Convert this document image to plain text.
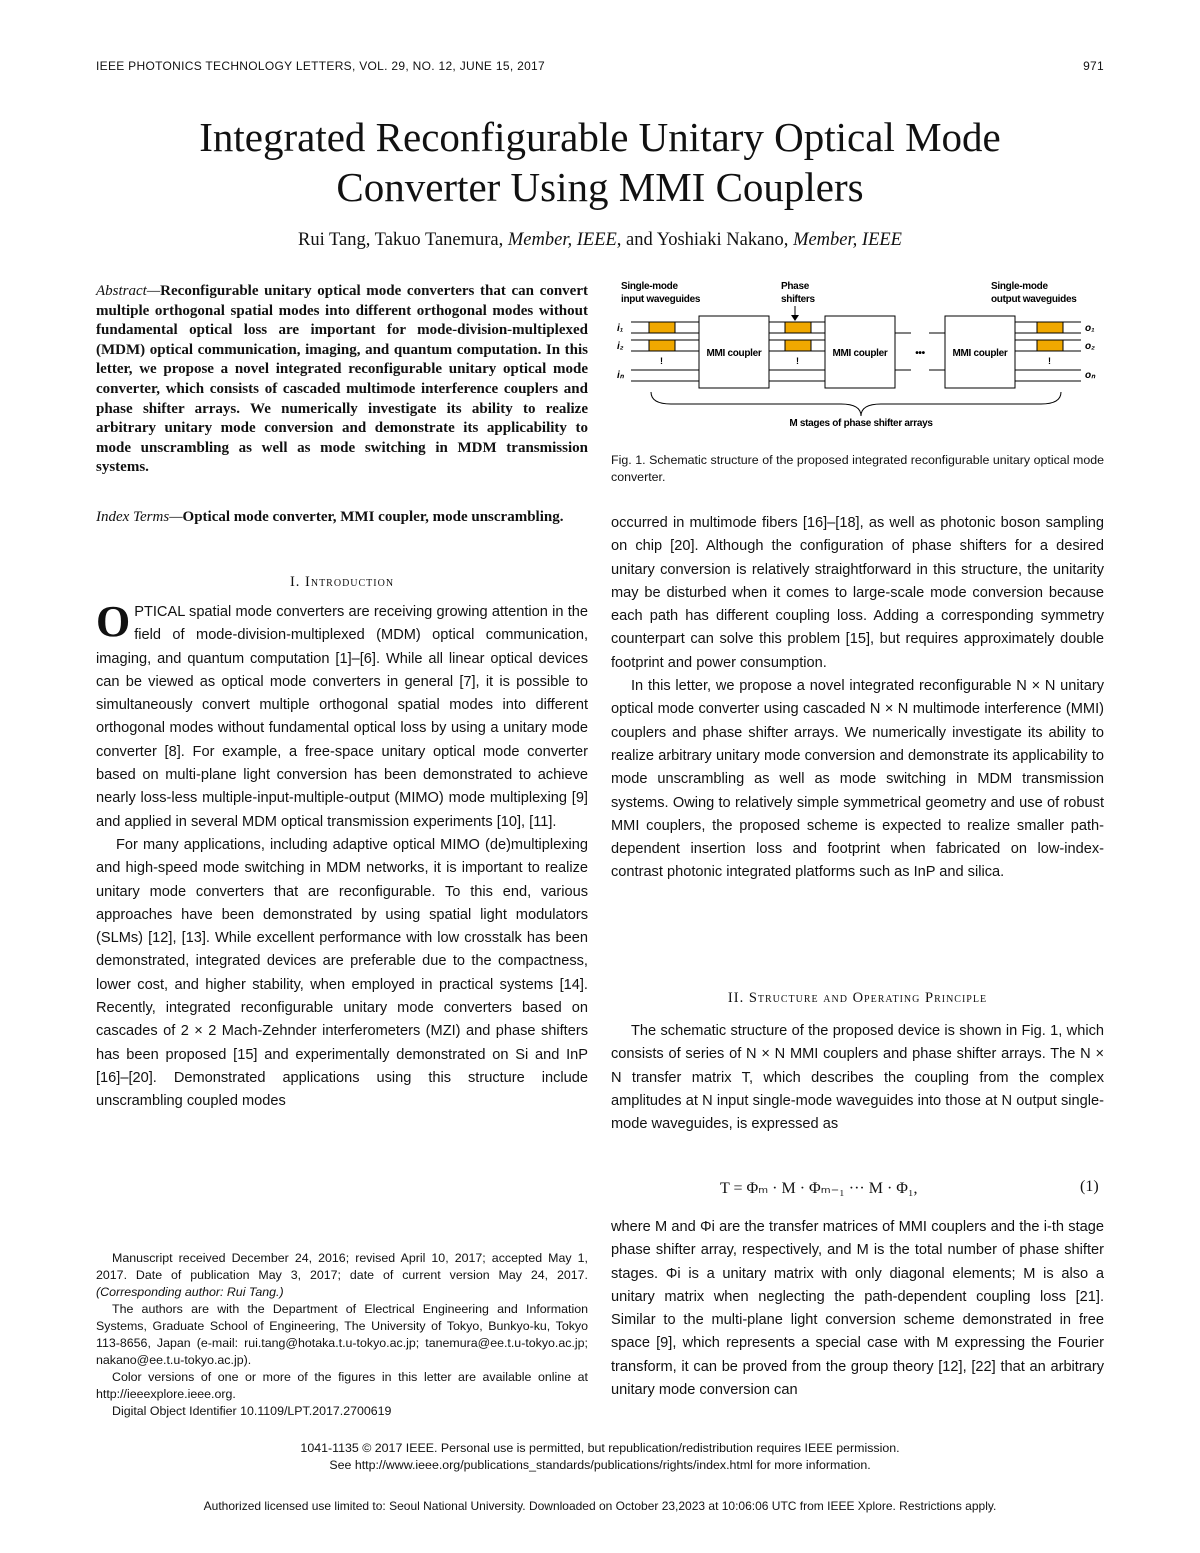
IEEE PHOTONICS TECHNOLOGY LETTERS, VOL. 29, NO. 12, JUNE 15, 2017	971
Integrated Reconfigurable Unitary Optical Mode
Converter Using MMI Couplers
Rui Tang, Takuo Tanemura, Member, IEEE, and Yoshiaki Nakano, Member, IEEE
Abstract—Reconfigurable unitary optical mode converters that can convert multiple orthogonal spatial modes into different orthogonal modes without fundamental optical loss are important for mode-division-multiplexed (MDM) optical communication, imaging, and quantum computation. In this letter, we propose a novel integrated reconfigurable unitary optical mode converter, which consists of cascaded multimode interference couplers and phase shifter arrays. We numerically investigate its ability to realize arbitrary unitary mode conversion and demonstrate its applicability to mode unscrambling as well as mode switching in MDM transmission systems.
Index Terms—Optical mode converter, MMI coupler, mode unscrambling.
I. Introduction

OPTICAL spatial mode converters are receiving growing attention in the field of mode-division-multiplexed (MDM) optical communication, imaging, and quantum computation [1]–[6]. While all linear optical devices can be viewed as optical mode converters in general [7], it is possible to simultaneously convert multiple orthogonal spatial modes into different orthogonal modes without fundamental optical loss by using a unitary mode converter [8]. For example, a free-space unitary optical mode converter based on multi-plane light conversion has been demonstrated to achieve nearly loss-less multiple-input-multiple-output (MIMO) mode multiplexing [9] and applied in several MDM optical transmission experiments [10], [11].

For many applications, including adaptive optical MIMO (de)multiplexing and high-speed mode switching in MDM networks, it is important to realize unitary mode converters that are reconfigurable. To this end, various approaches have been demonstrated by using spatial light modulators (SLMs) [12], [13]. While excellent performance with low crosstalk has been demonstrated, integrated devices are preferable due to the compactness, lower cost, and higher stability, when employed in practical systems [14]. Recently, integrated reconfigurable unitary mode converters based on cascades of 2 × 2 Mach-Zehnder interferometers (MZI) and phase shifters has been proposed [15] and experimentally demonstrated on Si and InP [16]–[20]. Demonstrated applications using this structure include unscrambling coupled modes

Manuscript received December 24, 2016; revised April 10, 2017; accepted May 1, 2017. Date of publication May 3, 2017; date of current version May 24, 2017. (Corresponding author: Rui Tang.)

The authors are with the Department of Electrical Engineering and Information Systems, Graduate School of Engineering, The University of Tokyo, Bunkyo-ku, Tokyo 113-8656, Japan (e-mail: rui.tang@hotaka.t.u-tokyo.ac.jp; tanemura@ee.t.u-tokyo.ac.jp; nakano@ee.t.u-tokyo.ac.jp).

Color versions of one or more of the figures in this letter are available online at http://ieeexplore.ieee.org.

Digital Object Identifier 10.1109/LPT.2017.2700619

Single-mode
input waveguides
Phase
shifters
Single-mode
output waveguides
i₁
i₂
iₙ
o₁
o₂
oₙ
!	!	!
MMI coupler	MMI coupler	MMI coupler
•••
M stages of phase shifter arrays
Fig. 1. Schematic structure of the proposed integrated reconfigurable unitary optical mode converter.

occurred in multimode fibers [16]–[18], as well as photonic boson sampling on chip [20]. Although the configuration of phase shifters for a desired unitary conversion is relatively straightforward in this structure, the unitarity may be disturbed when it comes to large-scale mode conversion because each path has different coupling loss. Adding a corresponding symmetry counterpart can solve this problem [15], but requires approximately double footprint and power consumption.

In this letter, we propose a novel integrated reconfigurable N × N unitary optical mode converter using cascaded N × N multimode interference (MMI) couplers and phase shifter arrays. We numerically investigate its ability to realize arbitrary unitary mode conversion and demonstrate its applicability to mode unscrambling as well as mode switching in MDM transmission systems. Owing to relatively simple symmetrical geometry and use of robust MMI couplers, the proposed scheme is expected to realize smaller path-dependent insertion loss and footprint when fabricated on low-index-contrast photonic integrated platforms such as InP and silica.

II. Structure and Operating Principle

The schematic structure of the proposed device is shown in Fig. 1, which consists of series of N × N MMI couplers and phase shifter arrays. The N × N transfer matrix T, which describes the coupling from the complex amplitudes at N input single-mode waveguides into those at N output single-mode waveguides, is expressed as

T = Φₘ · M · Φₘ₋₁ ··· M · Φ₁,	(1)

where M and Φi are the transfer matrices of MMI couplers and the i-th stage phase shifter array, respectively, and M is the total number of phase shifter stages. Φi is a unitary matrix with only diagonal elements; M is also a unitary matrix when neglecting the path-dependent coupling loss [21]. Similar to the multi-plane light conversion scheme demonstrated in free space [9], which represents a special case with M expressing the Fourier transform, it can be proved from the group theory [12], [22] that an arbitrary unitary mode conversion can

1041-1135 © 2017 IEEE. Personal use is permitted, but republication/redistribution requires IEEE permission.
See http://www.ieee.org/publications_standards/publications/rights/index.html for more information.
Authorized licensed use limited to: Seoul National University. Downloaded on October 23,2023 at 10:06:06 UTC from IEEE Xplore. Restrictions apply.
